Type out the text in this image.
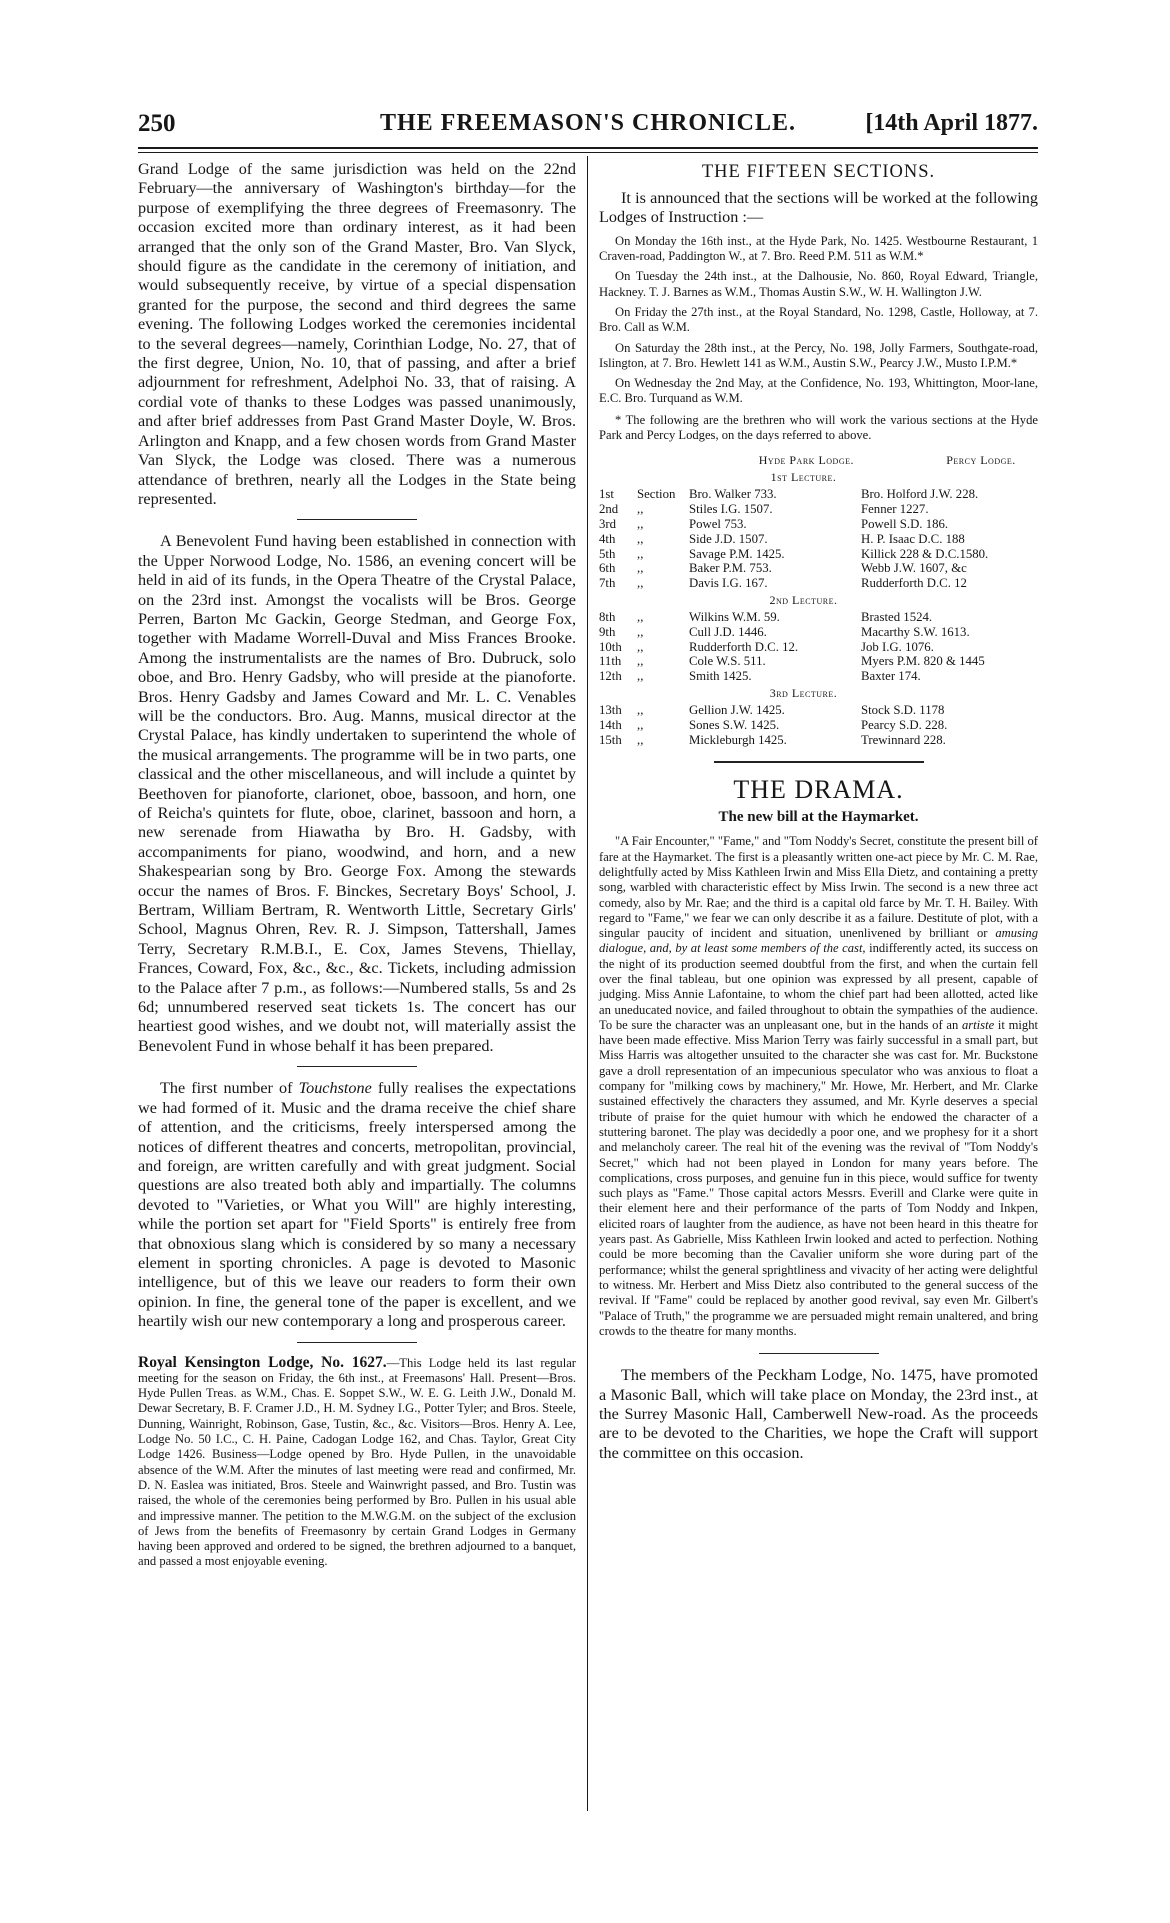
250	THE FREEMASON'S CHRONICLE.	[14th April 1877.

Grand Lodge of the same jurisdiction was held on the 22nd February—the anniversary of Washington's birthday—for the purpose of exemplifying the three degrees of Freemasonry. The occasion excited more than ordinary interest, as it had been arranged that the only son of the Grand Master, Bro. Van Slyck, should figure as the candidate in the ceremony of initiation, and would subsequently receive, by virtue of a special dispensation granted for the purpose, the second and third degrees the same evening. The following Lodges worked the ceremonies incidental to the several degrees—namely, Corinthian Lodge, No. 27, that of the first degree, Union, No. 10, that of passing, and after a brief adjournment for refreshment, Adelphoi No. 33, that of raising. A cordial vote of thanks to these Lodges was passed unanimously, and after brief addresses from Past Grand Master Doyle, W. Bros. Arlington and Knapp, and a few chosen words from Grand Master Van Slyck, the Lodge was closed. There was a numerous attendance of brethren, nearly all the Lodges in the State being represented.

A Benevolent Fund having been established in connection with the Upper Norwood Lodge, No. 1586, an evening concert will be held in aid of its funds, in the Opera Theatre of the Crystal Palace, on the 23rd inst. Amongst the vocalists will be Bros. George Perren, Barton Mc Gackin, George Stedman, and George Fox, together with Madame Worrell-Duval and Miss Frances Brooke. Among the instrumentalists are the names of Bro. Dubruck, solo oboe, and Bro. Henry Gadsby, who will preside at the pianoforte. Bros. Henry Gadsby and James Coward and Mr. L. C. Venables will be the conductors. Bro. Aug. Manns, musical director at the Crystal Palace, has kindly undertaken to superintend the whole of the musical arrangements. The programme will be in two parts, one classical and the other miscellaneous, and will include a quintet by Beethoven for pianoforte, clarionet, oboe, bassoon, and horn, one of Reicha's quintets for flute, oboe, clarinet, bassoon and horn, a new serenade from Hiawatha by Bro. H. Gadsby, with accompaniments for piano, woodwind, and horn, and a new Shakespearian song by Bro. George Fox. Among the stewards occur the names of Bros. F. Binckes, Secretary Boys' School, J. Bertram, William Bertram, R. Wentworth Little, Secretary Girls' School, Magnus Ohren, Rev. R. J. Simpson, Tattershall, James Terry, Secretary R.M.B.I., E. Cox, James Stevens, Thiellay, Frances, Coward, Fox, &c., &c., &c. Tickets, including admission to the Palace after 7 p.m., as follows:—Numbered stalls, 5s and 2s 6d; unnumbered reserved seat tickets 1s. The concert has our heartiest good wishes, and we doubt not, will materially assist the Benevolent Fund in whose behalf it has been prepared.

The first number of Touchstone fully realises the expectations we had formed of it. Music and the drama receive the chief share of attention, and the criticisms, freely interspersed among the notices of different theatres and concerts, metropolitan, provincial, and foreign, are written carefully and with great judgment. Social questions are also treated both ably and impartially. The columns devoted to "Varieties, or What you Will" are highly interesting, while the portion set apart for "Field Sports" is entirely free from that obnoxious slang which is considered by so many a necessary element in sporting chronicles. A page is devoted to Masonic intelligence, but of this we leave our readers to form their own opinion. In fine, the general tone of the paper is excellent, and we heartily wish our new contemporary a long and prosperous career.

Royal Kensington Lodge, No. 1627.—This Lodge held its last regular meeting for the season on Friday, the 6th inst., at Freemasons' Hall. Present—Bros. Hyde Pullen Treas. as W.M., Chas. E. Soppet S.W., W. E. G. Leith J.W., Donald M. Dewar Secretary, B. F. Cramer J.D., H. M. Sydney I.G., Potter Tyler; and Bros. Steele, Dunning, Wainright, Robinson, Gase, Tustin, &c., &c. Visitors—Bros. Henry A. Lee, Lodge No. 50 I.C., C. H. Paine, Cadogan Lodge 162, and Chas. Taylor, Great City Lodge 1426. Business—Lodge opened by Bro. Hyde Pullen, in the unavoidable absence of the W.M. After the minutes of last meeting were read and confirmed, Mr. D. N. Easlea was initiated, Bros. Steele and Wainwright passed, and Bro. Tustin was raised, the whole of the ceremonies being performed by Bro. Pullen in his usual able and impressive manner. The petition to the M.W.G.M. on the subject of the exclusion of Jews from the benefits of Freemasonry by certain Grand Lodges in Germany having been approved and ordered to be signed, the brethren adjourned to a banquet, and passed a most enjoyable evening.

THE FIFTEEN SECTIONS.

It is announced that the sections will be worked at the following Lodges of Instruction :—

On Monday the 16th inst., at the Hyde Park, No. 1425. Westbourne Restaurant, 1 Craven-road, Paddington W., at 7. Bro. Reed P.M. 511 as W.M.*

On Tuesday the 24th inst., at the Dalhousie, No. 860, Royal Edward, Triangle, Hackney. T. J. Barnes as W.M., Thomas Austin S.W., W. H. Wallington J.W.

On Friday the 27th inst., at the Royal Standard, No. 1298, Castle, Holloway, at 7. Bro. Call as W.M.

On Saturday the 28th inst., at the Percy, No. 198, Jolly Farmers, Southgate-road, Islington, at 7. Bro. Hewlett 141 as W.M., Austin S.W., Pearcy J.W., Musto I.P.M.*

On Wednesday the 2nd May, at the Confidence, No. 193, Whittington, Moor-lane, E.C. Bro. Turquand as W.M.

* The following are the brethren who will work the various sections at the Hyde Park and Percy Lodges, on the days referred to above.

Hyde Park Lodge.	Percy Lodge.
1st Lecture.
1st	Section	Bro. Walker 733.	Bro. Holford J.W. 228.
2nd	,,	Stiles I.G. 1507.	Fenner 1227.
3rd	,,	Powel 753.	Powell S.D. 186.
4th	,,	Side J.D. 1507.	H. P. Isaac D.C. 188
5th	,,	Savage P.M. 1425.	Killick 228 & D.C.1580.
6th	,,	Baker P.M. 753.	Webb J.W. 1607, &c
7th	,,	Davis I.G. 167.	Rudderforth D.C. 12
2nd Lecture.
8th	,,	Wilkins W.M. 59.	Brasted 1524.
9th	,,	Cull J.D. 1446.	Macarthy S.W. 1613.
10th	,,	Rudderforth D.C. 12.	Job I.G. 1076.
11th	,,	Cole W.S. 511.	Myers P.M. 820 & 1445
12th	,,	Smith 1425.	Baxter 174.
3rd Lecture.
13th	,,	Gellion J.W. 1425.	Stock S.D. 1178
14th	,,	Sones S.W. 1425.	Pearcy S.D. 228.
15th	,,	Mickleburgh 1425.	Trewinnard 228.
THE DRAMA.
The new bill at the Haymarket.

"A Fair Encounter," "Fame," and "Tom Noddy's Secret, constitute the present bill of fare at the Haymarket. The first is a pleasantly written one-act piece by Mr. C. M. Rae, delightfully acted by Miss Kathleen Irwin and Miss Ella Dietz, and containing a pretty song, warbled with characteristic effect by Miss Irwin. The second is a new three act comedy, also by Mr. Rae; and the third is a capital old farce by Mr. T. H. Bailey. With regard to "Fame," we fear we can only describe it as a failure. Destitute of plot, with a singular paucity of incident and situation, unenlivened by brilliant or amusing dialogue, and, by at least some members of the cast, indifferently acted, its success on the night of its production seemed doubtful from the first, and when the curtain fell over the final tableau, but one opinion was expressed by all present, capable of judging. Miss Annie Lafontaine, to whom the chief part had been allotted, acted like an uneducated novice, and failed throughout to obtain the sympathies of the audience. To be sure the character was an unpleasant one, but in the hands of an artiste it might have been made effective. Miss Marion Terry was fairly successful in a small part, but Miss Harris was altogether unsuited to the character she was cast for. Mr. Buckstone gave a droll representation of an impecunious speculator who was anxious to float a company for "milking cows by machinery," Mr. Howe, Mr. Herbert, and Mr. Clarke sustained effectively the characters they assumed, and Mr. Kyrle deserves a special tribute of praise for the quiet humour with which he endowed the character of a stuttering baronet. The play was decidedly a poor one, and we prophesy for it a short and melancholy career. The real hit of the evening was the revival of "Tom Noddy's Secret," which had not been played in London for many years before. The complications, cross purposes, and genuine fun in this piece, would suffice for twenty such plays as "Fame." Those capital actors Messrs. Everill and Clarke were quite in their element here and their performance of the parts of Tom Noddy and Inkpen, elicited roars of laughter from the audience, as have not been heard in this theatre for years past. As Gabrielle, Miss Kathleen Irwin looked and acted to perfection. Nothing could be more becoming than the Cavalier uniform she wore during part of the performance; whilst the general sprightliness and vivacity of her acting were delightful to witness. Mr. Herbert and Miss Dietz also contributed to the general success of the revival. If "Fame" could be replaced by another good revival, say even Mr. Gilbert's "Palace of Truth," the programme we are persuaded might remain unaltered, and bring crowds to the theatre for many months.

The members of the Peckham Lodge, No. 1475, have promoted a Masonic Ball, which will take place on Monday, the 23rd inst., at the Surrey Masonic Hall, Camberwell New-road. As the proceeds are to be devoted to the Charities, we hope the Craft will support the committee on this occasion.
